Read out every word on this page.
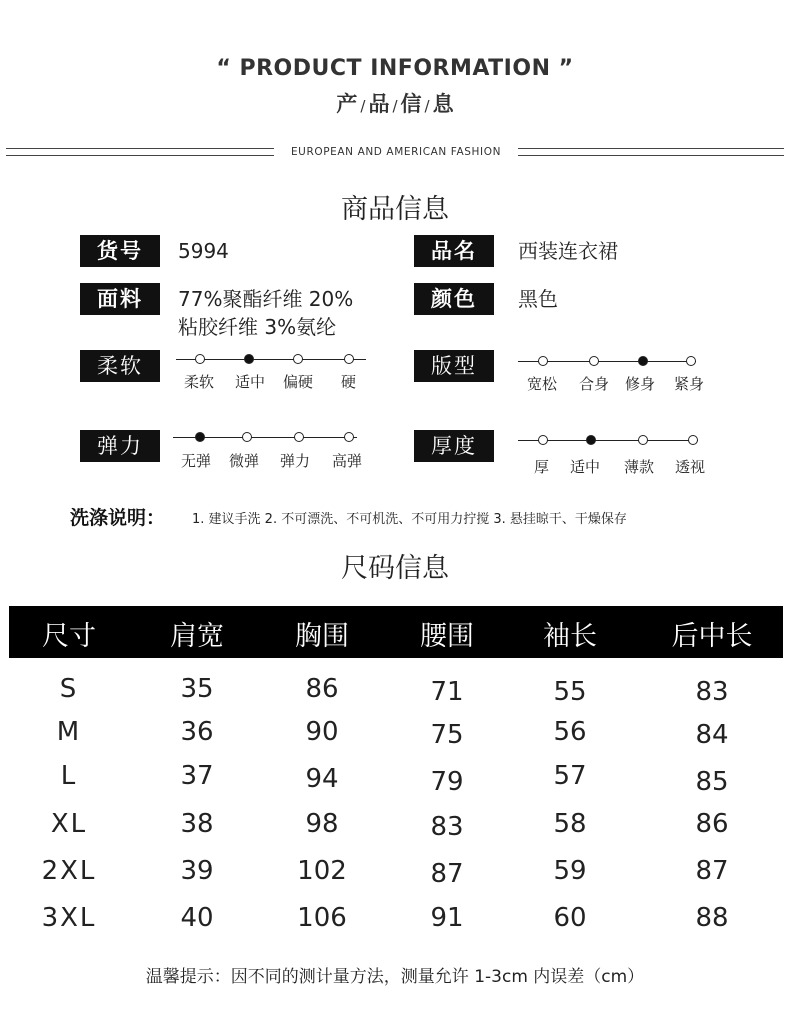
“ PRODUCT INFORMATION ”
产 / 品 / 信 / 息
EUROPEAN AND AMERICAN FASHION
商品信息
货号	5994	品名	西装连衣裙
面料	77%聚酯纤维 20%
粘胶纤维 3%氨纶
颜色	黑色
柔软	版型
弹力	厚度
柔软 适中 偏硬 硬	宽松 合身 修身 紧身
无弹 微弹 弹力 高弹	厚 适中 薄款 透视
洗涤说明： 1. 建议手洗 2. 不可漂洗、不可机洗、不可用力拧搅 3. 悬挂晾干、干燥保存
尺码信息
尺寸	肩宽	胸围	腰围	袖长	后中长
S	35	86	71	55	83
M	36	90	75	56	84
L	37	94	79	57	85
XL	38	98	83	58	86
2XL	39	102	87	59	87
3XL	40	106	91	60	88
温馨提示：因不同的测计量方法，测量允许 1-3cm 内误差（cm）
